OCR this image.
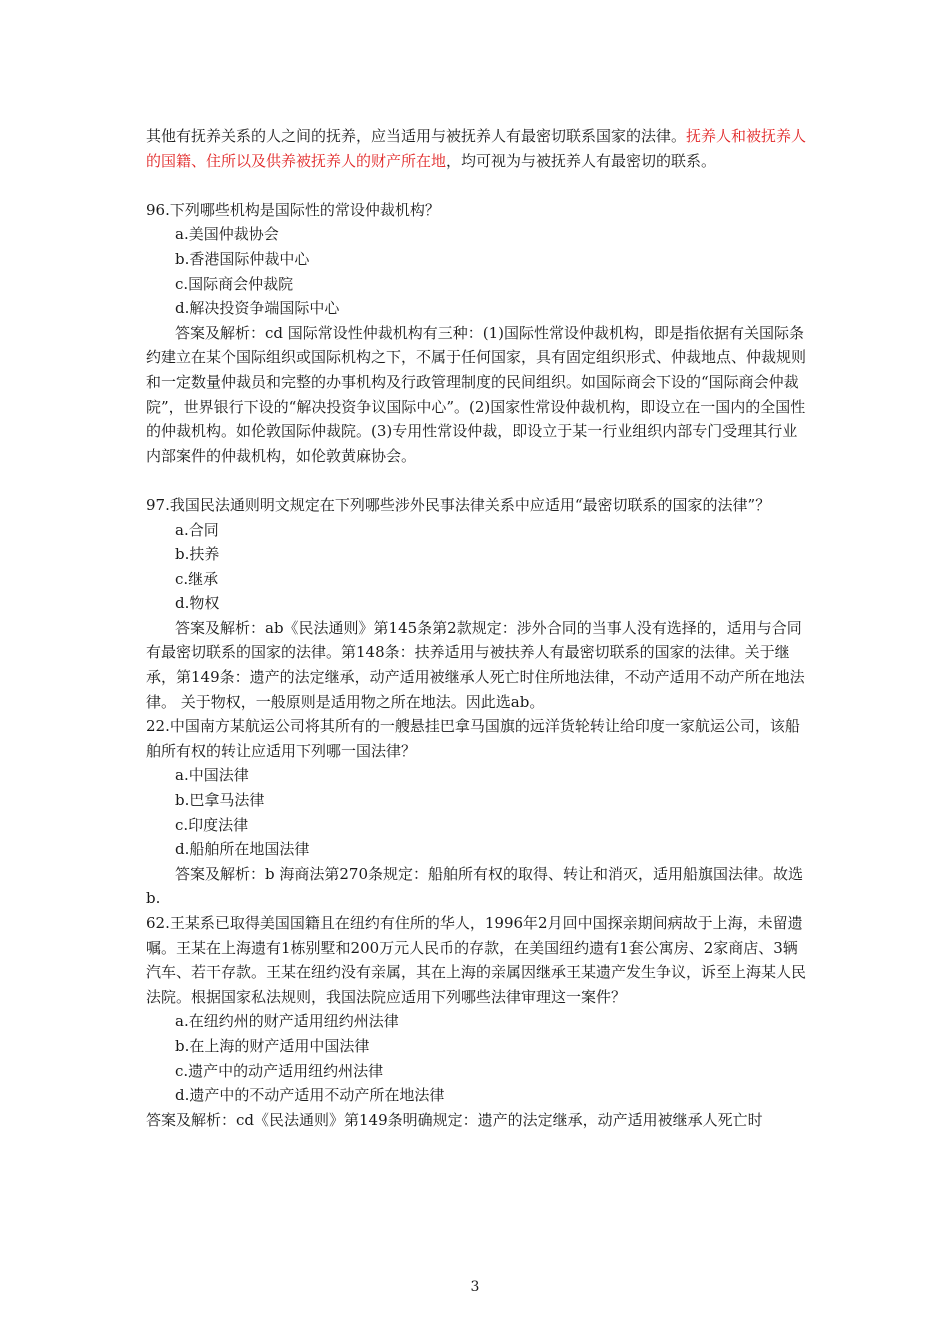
其他有抚养关系的人之间的抚养，应当适用与被抚养人有最密切联系国家的法律。抚养人和被抚养人的国籍、住所以及供养被抚养人的财产所在地，均可视为与被抚养人有最密切的联系。

96.下列哪些机构是国际性的常设仲裁机构？

a.美国仲裁协会

b.香港国际仲裁中心

c.国际商会仲裁院

d.解决投资争端国际中心

答案及解析：cd 国际常设性仲裁机构有三种：(1)国际性常设仲裁机构，即是指依据有关国际条约建立在某个国际组织或国际机构之下，不属于任何国家，具有固定组织形式、仲裁地点、仲裁规则和一定数量仲裁员和完整的办事机构及行政管理制度的民间组织。如国际商会下设的“国际商会仲裁院”，世界银行下设的“解决投资争议国际中心”。(2)国家性常设仲裁机构，即设立在一国内的全国性的仲裁机构。如伦敦国际仲裁院。(3)专用性常设仲裁，即设立于某一行业组织内部专门受理其行业内部案件的仲裁机构，如伦敦黄麻协会。

97.我国民法通则明文规定在下列哪些涉外民事法律关系中应适用“最密切联系的国家的法律”？

a.合同

b.扶养

c.继承

d.物权

答案及解析：ab《民法通则》第145条第2款规定：涉外合同的当事人没有选择的，适用与合同有最密切联系的国家的法律。第148条：扶养适用与被扶养人有最密切联系的国家的法律。关于继承，第149条：遗产的法定继承，动产适用被继承人死亡时住所地法律，不动产适用不动产所在地法律。 关于物权，一般原则是适用物之所在地法。因此选ab。

22.中国南方某航运公司将其所有的一艘悬挂巴拿马国旗的远洋货轮转让给印度一家航运公司，该船舶所有权的转让应适用下列哪一国法律？

a.中国法律

b.巴拿马法律

c.印度法律

d.船舶所在地国法律

答案及解析：b 海商法第270条规定：船舶所有权的取得、转让和消灭，适用船旗国法律。故选b.

62.王某系已取得美国国籍且在纽约有住所的华人，1996年2月回中国探亲期间病故于上海，未留遗嘱。王某在上海遗有1栋别墅和200万元人民币的存款，在美国纽约遗有1套公寓房、2家商店、3辆汽车、若干存款。王某在纽约没有亲属，其在上海的亲属因继承王某遗产发生争议，诉至上海某人民法院。根据国家私法规则，我国法院应适用下列哪些法律审理这一案件？

a.在纽约州的财产适用纽约州法律

b.在上海的财产适用中国法律

c.遗产中的动产适用纽约州法律

d.遗产中的不动产适用不动产所在地法律

答案及解析：cd《民法通则》第149条明确规定：遗产的法定继承，动产适用被继承人死亡时

3
